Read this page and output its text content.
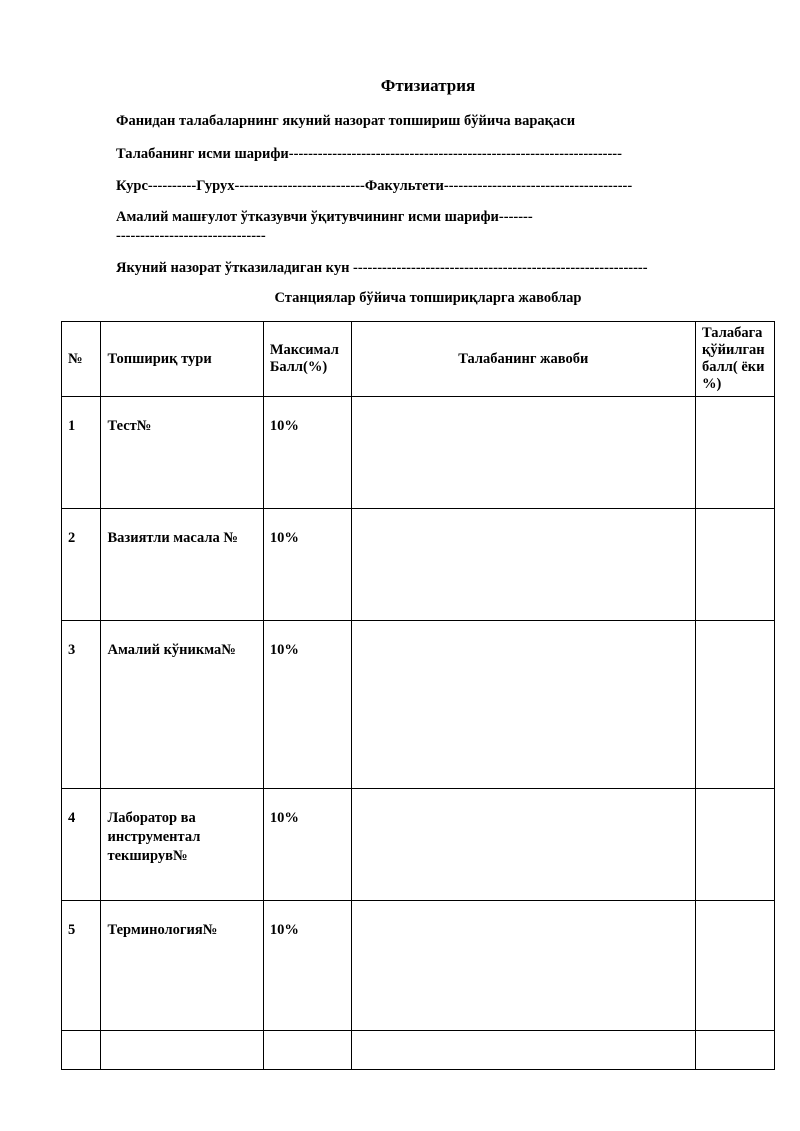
Фтизиатрия
Фанидан талабаларнинг якуний назорат топшириш бўйича варақаси
Талабанинг исми шарифи---------------------------------------------------------------------
Курс----------Гурух---------------------------Факультети---------------------------------------
Амалий машғулот ўтказувчи ўқитувчининг исми шарифи--------------------------------------
Якуний назорат ўтказиладиган кун -------------------------------------------------------------
Станциялар бўйича топшириқларга жавоблар
№	Топшириқ тури	Максимал Балл(%)	Талабанинг жавоби	Талабага қўйилган балл( ёки %)
1	Тест№	10%		
2	Вазиятли масала №	10%		
3	Амалий кўникма№	10%		
4	Лаборатор ва инструментал текширув№	10%		
5	Терминология№	10%		
